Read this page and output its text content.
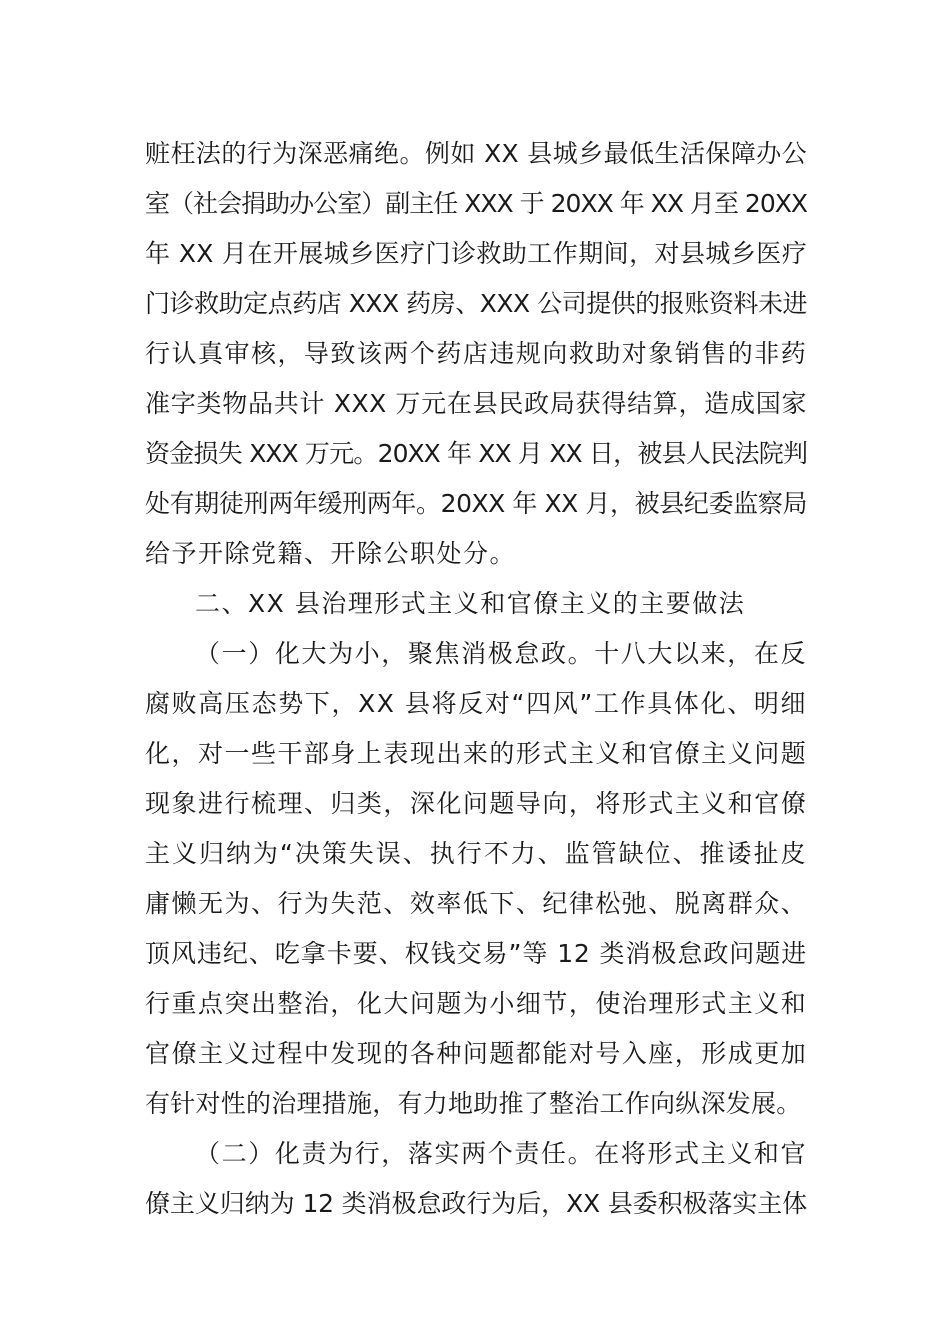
赃枉法的行为深恶痛绝。例如 XX 县城乡最低生活保障办公
室（社会捐助办公室）副主任 XXX 于 20XX 年 XX 月至 20XX
年 XX 月在开展城乡医疗门诊救助工作期间，对县城乡医疗
门诊救助定点药店 XXX 药房、XXX 公司提供的报账资料未进
行认真审核，导致该两个药店违规向救助对象销售的非药
准字类物品共计 XXX 万元在县民政局获得结算，造成国家
资金损失 XXX 万元。20XX 年 XX 月 XX 日，被县人民法院判
处有期徒刑两年缓刑两年。20XX 年 XX 月，被县纪委监察局
给予开除党籍、开除公职处分。
二、XX 县治理形式主义和官僚主义的主要做法
（一）化大为小，聚焦消极怠政。十八大以来，在反
腐败高压态势下，XX 县将反对“四风”工作具体化、明细
化，对一些干部身上表现出来的形式主义和官僚主义问题
现象进行梳理、归类，深化问题导向，将形式主义和官僚
主义归纳为“决策失误、执行不力、监管缺位、推诿扯皮
庸懒无为、行为失范、效率低下、纪律松弛、脱离群众、
顶风违纪、吃拿卡要、权钱交易”等 12 类消极怠政问题进
行重点突出整治，化大问题为小细节，使治理形式主义和
官僚主义过程中发现的各种问题都能对号入座，形成更加
有针对性的治理措施，有力地助推了整治工作向纵深发展。
（二）化责为行，落实两个责任。在将形式主义和官
僚主义归纳为 12 类消极怠政行为后，XX 县委积极落实主体
